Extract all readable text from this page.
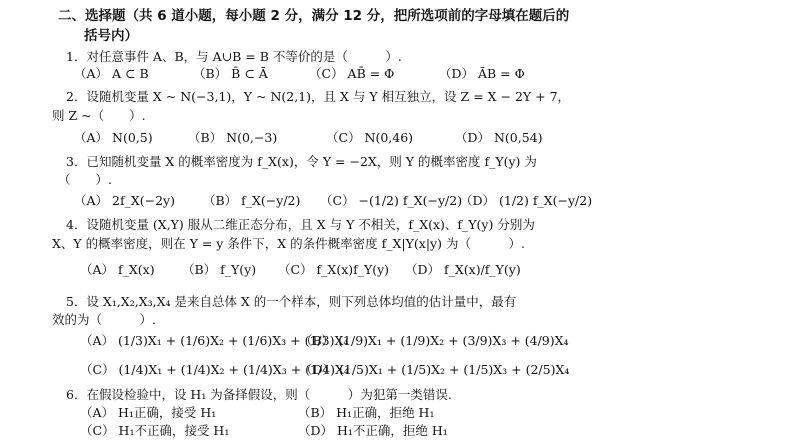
二、选择题（共 6 道小题，每小题 2 分，满分 12 分，把所选项前的字母填在题后的
括号内）
1．对任意事件 A、B，与 A∪B = B 不等价的是（　　　）.
（A） A ⊂ B	（B） B̄ ⊂ Ā	（C） AB̄ = Φ	（D） ĀB = Φ
2．设随机变量 X ~ N(−3,1)，Y ~ N(2,1)，且 X 与 Y 相互独立，设 Z = X − 2Y + 7，
则 Z ~（　　）.
（A） N(0,5)	（B） N(0,−3)	（C） N(0,46)	（D） N(0,54)
3．已知随机变量 X 的概率密度为 f_X(x)，令 Y = −2X，则 Y 的概率密度 f_Y(y) 为
（　　）.
（A） 2f_X(−2y) （B） f_X(−y/2) （C） −(1/2) f_X(−y/2)
（D） (1/2) f_X(−y/2)
4．设随机变量 (X,Y) 服从二维正态分布，且 X 与 Y 不相关，f_X(x)、f_Y(y) 分别为
X、Y 的概率密度，则在 Y = y 条件下，X 的条件概率密度 f_X|Y(x|y) 为（　　　）.
（A） f_X(x) （B） f_Y(y) （C） f_X(x)f_Y(y) （D） f_X(x)/f_Y(y)
5．设 X₁,X₂,X₃,X₄ 是来自总体 X 的一个样本，则下列总体均值的估计量中，最有
效的为（　　　）.
（A） (1/3)X₁ + (1/6)X₂ + (1/6)X₃ + (1/3)X₄
（B） (1/9)X₁ + (1/9)X₂ + (3/9)X₃ + (4/9)X₄
（C） (1/4)X₁ + (1/4)X₂ + (1/4)X₃ + (1/4)X₄
（D） (1/5)X₁ + (1/5)X₂ + (1/5)X₃ + (2/5)X₄
6．在假设检验中，设 H₁ 为备择假设，则（　　　）为犯第一类错误.
（A） H₁正确，接受 H₁	（B） H₁正确，拒绝 H₁
（C） H₁不正确，接受 H₁	（D） H₁不正确，拒绝 H₁
